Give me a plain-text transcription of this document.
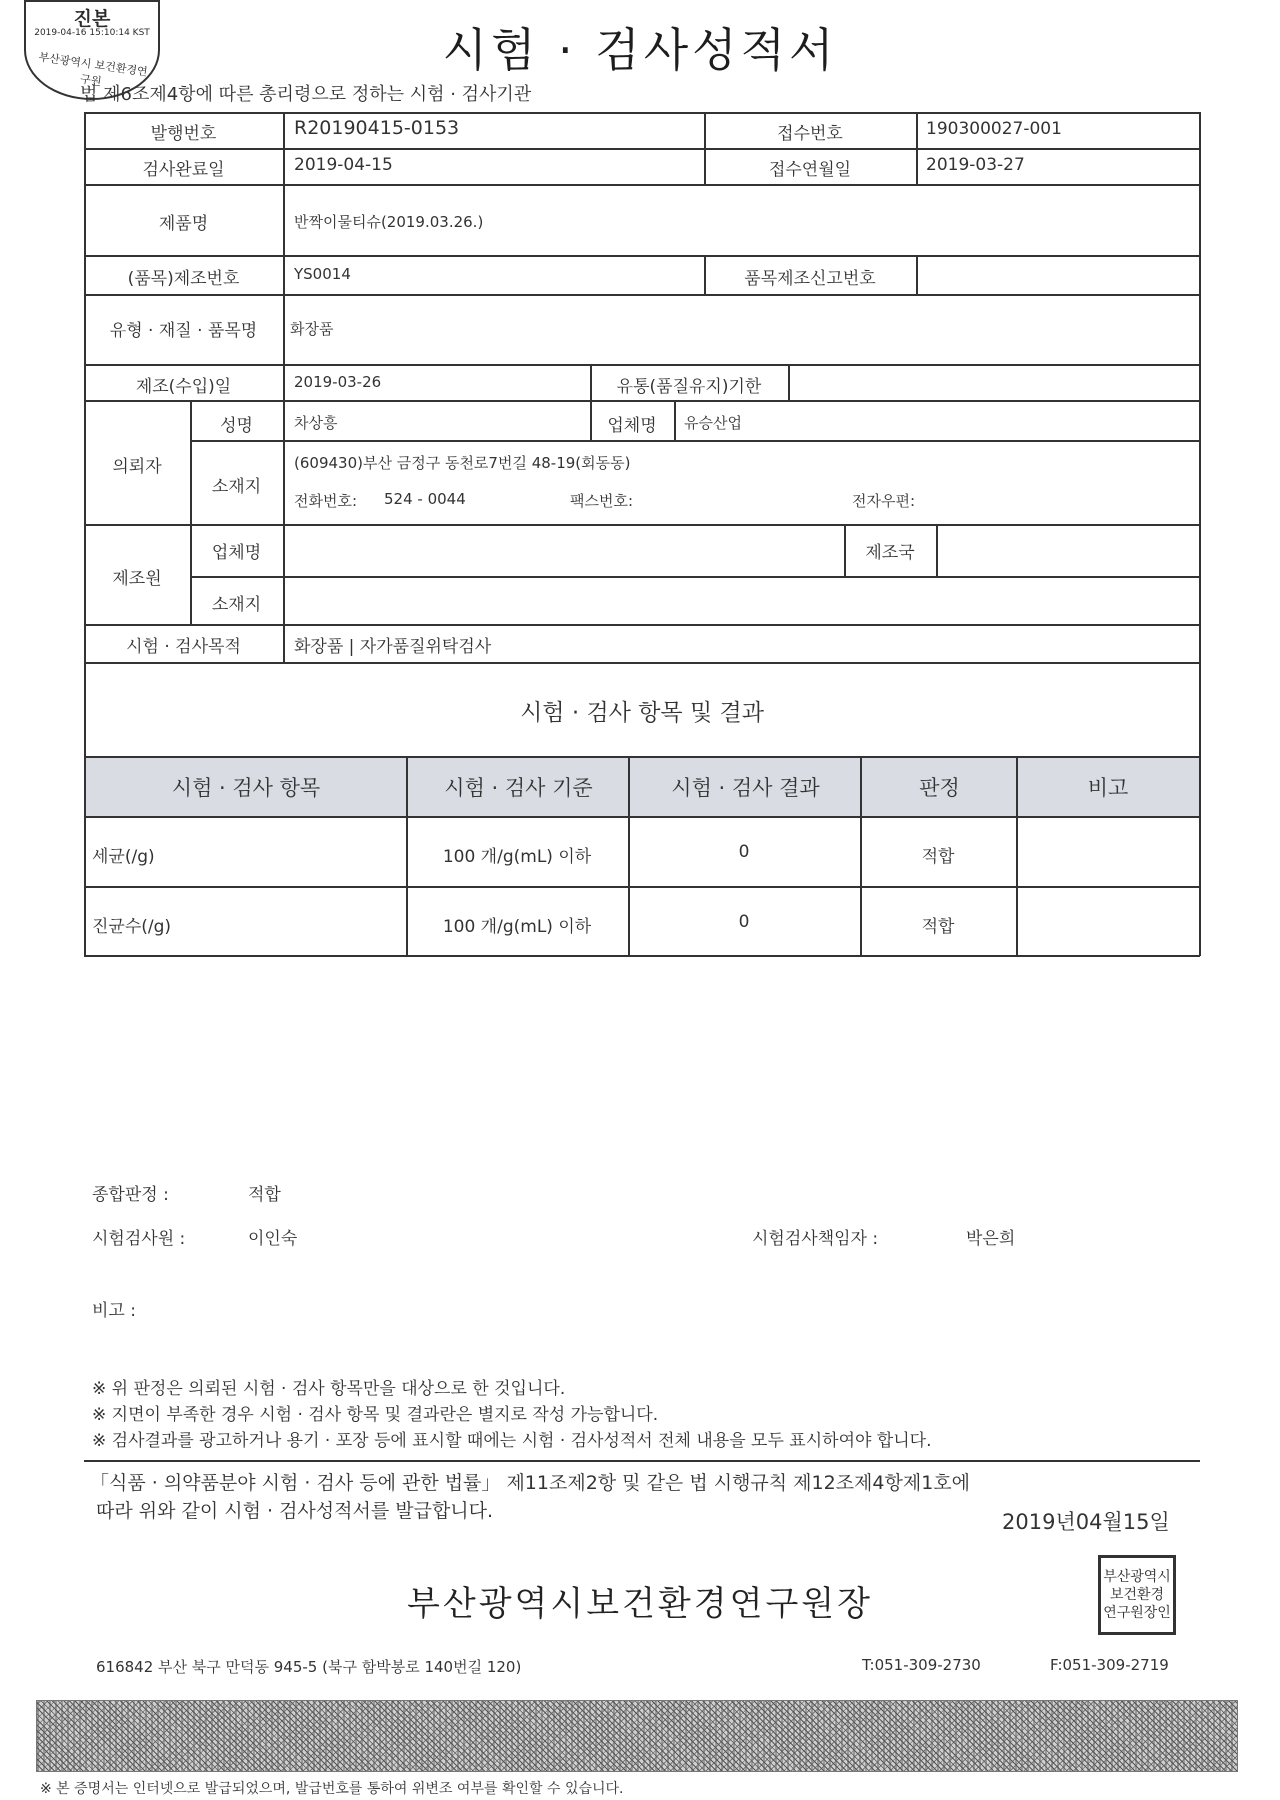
진본
2019-04-16 15:10:14 KST
부산광역시 보건환경연구원
시험 · 검사성적서
법 제6조제4항에 따른 총리령으로 정하는 시험 · 검사기관
발행번호	R20190415-0153	접수번호	190300027-001
검사완료일	2019-04-15	접수연월일	2019-03-27
제품명	반짝이물티슈(2019.03.26.)
(품목)제조번호	YS0014	품목제조신고번호
유형 · 재질 · 품목명	화장품
제조(수입)일	2019-03-26	유통(품질유지)기한
의뢰자
성명	차상흥	업체명	유승산업
소재지
(609430)부산 금정구 동천로7번길 48-19(회동동)
전화번호: 524 - 0044	팩스번호:	전자우편:
제조원
업체명	제조국
소재지
시험 · 검사목적	화장품 | 자가품질위탁검사
시험 · 검사 항목 및 결과
시험 · 검사 항목	시험 · 검사 기준	시험 · 검사 결과	판정	비고
세균(/g)	100 개/g(mL) 이하	0	적합
진균수(/g)	100 개/g(mL) 이하	0	적합
종합판정 :	적합
시험검사원 :	이인숙	시험검사책임자 :	박은희
비고 :
※ 위 판정은 의뢰된 시험 · 검사 항목만을 대상으로 한 것입니다.
※ 지면이 부족한 경우 시험 · 검사 항목 및 결과란은 별지로 작성 가능합니다.
※ 검사결과를 광고하거나 용기 · 포장 등에 표시할 때에는 시험 · 검사성적서 전체 내용을 모두 표시하여야 합니다.
「식품 · 의약품분야 시험 · 검사 등에 관한 법률」 제11조제2항 및 같은 법 시행규칙 제12조제4항제1호에
따라 위와 같이 시험 · 검사성적서를 발급합니다.	2019년04월15일
부산광역시보건환경연구원장
부산광역시 보건환경 연구원장인
616842 부산 북구 만덕동 945-5 (북구 함박봉로 140번길 120)	T:051-309-2730	F:051-309-2719
※ 본 증명서는 인터넷으로 발급되었으며, 발급번호를 통하여 위변조 여부를 확인할 수 있습니다.
